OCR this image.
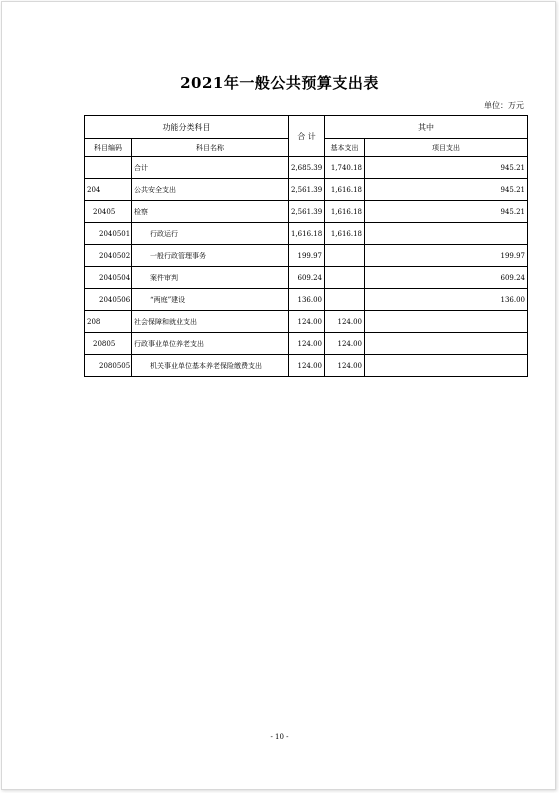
2021年一般公共预算支出表
单位：万元
功能分类科目		合 计	其中	
科目编码	科目名称		基本支出	项目支出
	合计	2,685.39	1,740.18	945.21
204	公共安全支出	2,561.39	1,616.18	945.21
20405	检察	2,561.39	1,616.18	945.21
2040501	行政运行	1,616.18	1,616.18	
2040502	一般行政管理事务	199.97		199.97
2040504	案件审判	609.24		609.24
2040506	“两庭”建设	136.00		136.00
208	社会保障和就业支出	124.00	124.00	
20805	行政事业单位养老支出	124.00	124.00	
2080505	机关事业单位基本养老保险缴费支出	124.00	124.00	
- 10 -
